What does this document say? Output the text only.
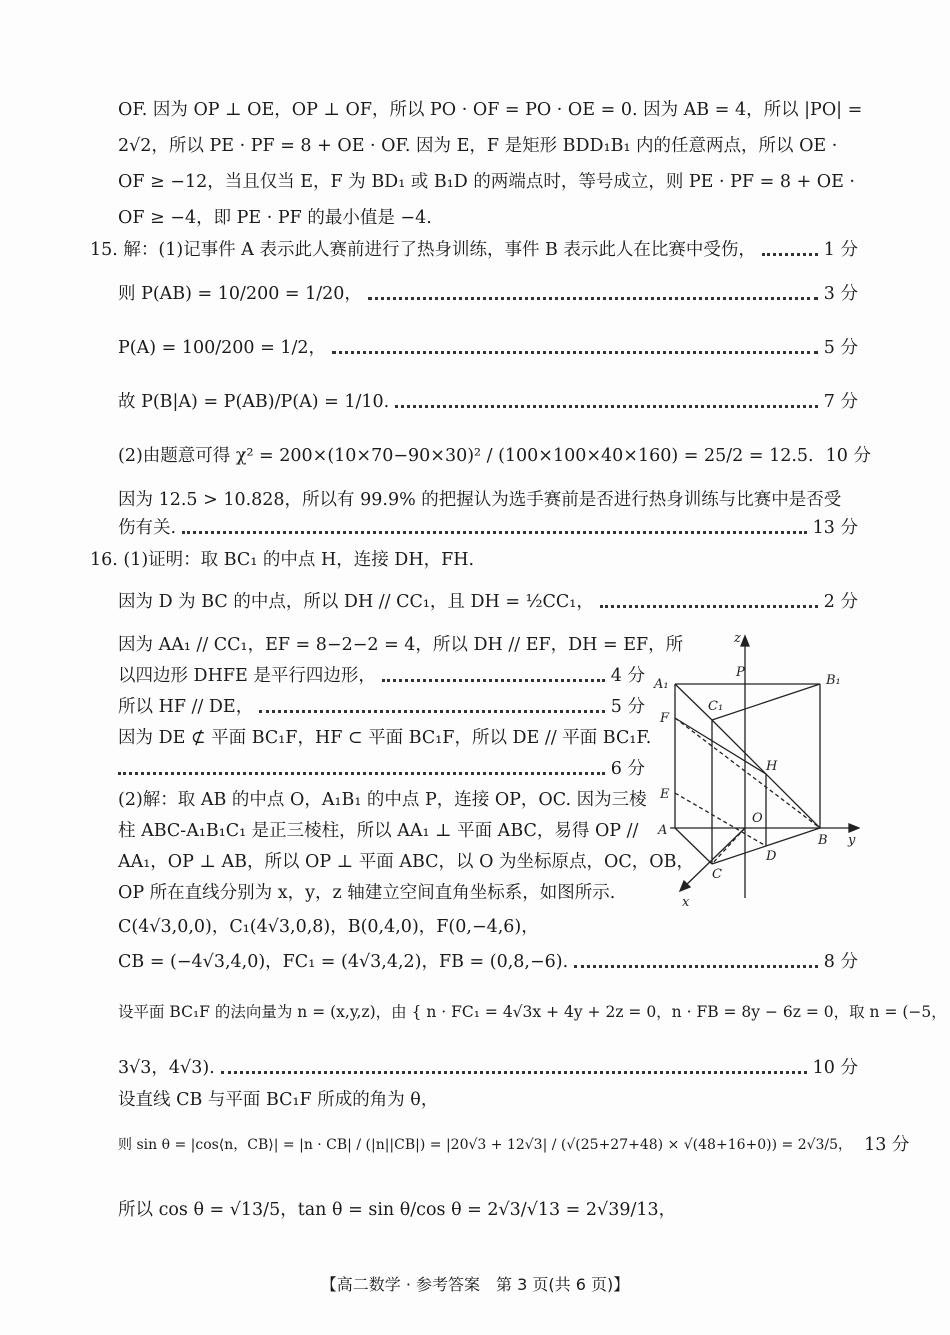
OF. 因为 OP ⊥ OE，OP ⊥ OF，所以 PO · OF = PO · OE = 0. 因为 AB = 4，所以 |PO| =
2√2，所以 PE · PF = 8 + OE · OF. 因为 E，F 是矩形 BDD₁B₁ 内的任意两点，所以 OE ·
OF ≥ −12，当且仅当 E，F 为 BD₁ 或 B₁D 的两端点时，等号成立，则 PE · PF = 8 + OE ·
OF ≥ −4，即 PE · PF 的最小值是 −4.
15. 解：(1)记事件 A 表示此人赛前进行了热身训练，事件 B 表示此人在比赛中受伤，	1 分
则 P(AB) = 10/200 = 1/20，	3 分
P(A) = 100/200 = 1/2，	5 分
故 P(B|A) = P(AB)/P(A) = 1/10.	7 分
(2)由题意可得 χ² = 200×(10×70−90×30)² / (100×100×40×160) = 25/2 = 12.5. 10 分
因为 12.5 > 10.828，所以有 99.9% 的把握认为选手赛前是否进行热身训练与比赛中是否受
伤有关.	13 分
16. (1)证明：取 BC₁ 的中点 H，连接 DH，FH.
因为 D 为 BC 的中点，所以 DH // CC₁，且 DH = ½CC₁，	2 分
因为 AA₁ // CC₁，EF = 8−2−2 = 4，所以 DH // EF，DH = EF，所
以四边形 DHFE 是平行四边形，	4 分
所以 HF // DE，	5 分
因为 DE ⊄ 平面 BC₁F，HF ⊂ 平面 BC₁F，所以 DE // 平面 BC₁F.
6 分
(2)解：取 AB 的中点 O，A₁B₁ 的中点 P，连接 OP，OC. 因为三棱
柱 ABC-A₁B₁C₁ 是正三棱柱，所以 AA₁ ⊥ 平面 ABC，易得 OP //
AA₁，OP ⊥ AB，所以 OP ⊥ 平面 ABC，以 O 为坐标原点，OC，OB，
OP 所在直线分别为 x，y，z 轴建立空间直角坐标系，如图所示.
C(4√3,0,0)，C₁(4√3,0,8)，B(0,4,0)，F(0,−4,6)，
CB = (−4√3,4,0)，FC₁ = (4√3,4,2)，FB = (0,8,−6).	8 分
设平面 BC₁F 的法向量为 n = (x,y,z)，由 { n · FC₁ = 4√3x + 4y + 2z = 0，n · FB = 8y − 6z = 0，取 n = (−5，
3√3，4√3).	10 分
设直线 CB 与平面 BC₁F 所成的角为 θ，
则 sin θ = |cos⟨n，CB⟩| = |n · CB| / (|n||CB|) = |20√3 + 12√3| / (√(25+27+48) × √(48+16+0)) = 2√3/5， 13 分
所以 cos θ = √13/5，tan θ = sin θ/cos θ = 2√3/√13 = 2√39/13，
z
P
A₁	B₁
C₁
F
H
E
O
A
B y
D
C
x
【高二数学 · 参考答案　第 3 页(共 6 页)】
